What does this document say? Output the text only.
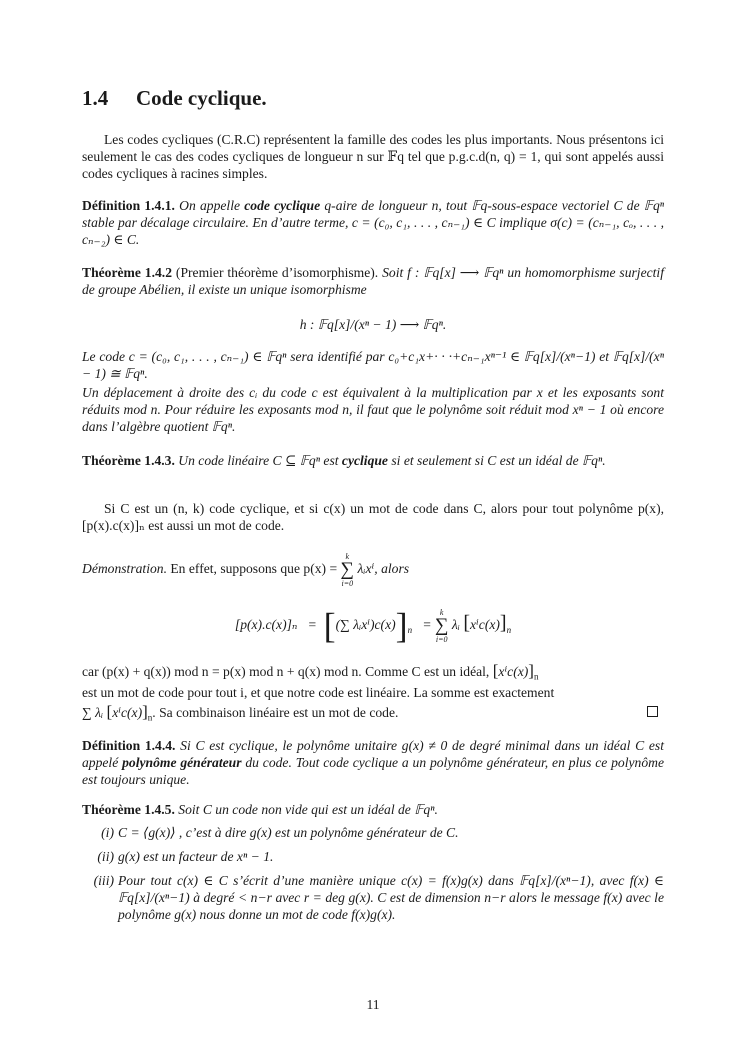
1.4 Code cyclique.
Les codes cycliques (C.R.C) représentent la famille des codes les plus importants. Nous présentons ici seulement le cas des codes cycliques de longueur n sur 𝔽q tel que p.g.c.d(n, q) = 1, qui sont appelés aussi codes cycliques à racines simples.
Définition 1.4.1. On appelle code cyclique q-aire de longueur n, tout 𝔽q-sous-espace vectoriel C de 𝔽qⁿ stable par décalage circulaire. En d’autre terme, c = (c₀, c₁, . . . , cₙ₋₁) ∈ C implique σ(c) = (cₙ₋₁, cₒ, . . . , cₙ₋₂) ∈ C.
Théorème 1.4.2 (Premier théorème d’isomorphisme). Soit f : 𝔽q[x] ⟶ 𝔽qⁿ un homomorphisme surjectif de groupe Abélien, il existe un unique isomorphisme
h : 𝔽q[x]/(xⁿ − 1) ⟶ 𝔽qⁿ.
Le code c = (c₀, c₁, . . . , cₙ₋₁) ∈ 𝔽qⁿ sera identifié par c₀+c₁x+· · ·+cₙ₋₁xⁿ⁻¹ ∈ 𝔽q[x]/(xⁿ−1) et 𝔽q[x]/(xⁿ − 1) ≅ 𝔽qⁿ.
Un déplacement à droite des cᵢ du code c est équivalent à la multiplication par x et les exposants sont réduits mod n. Pour réduire les exposants mod n, il faut que le polynôme soit réduit mod xⁿ − 1 où encore dans l’algèbre quotient 𝔽qⁿ.
Théorème 1.4.3. Un code linéaire C ⊆ 𝔽qⁿ est cyclique si et seulement si C est un idéal de 𝔽qⁿ.
Si C est un (n, k) code cyclique, et si c(x) un mot de code dans C, alors pour tout polynôme p(x), [p(x).c(x)]ₙ est aussi un mot de code.
Démonstration. En effet, supposons que p(x) =
k
∑
i=0
λᵢxⁱ, alors
[p(x).c(x)]ₙ   =  [(∑ $\lambda ᵢx^i)c(x)]_n$   =
k
∑
i=0
λᵢ $[x^ic(x)]_n$
car (p(x) + q(x)) mod n = p(x) mod n + q(x) mod n. Comme C est un idéal, $[x^ic(x)]_n$
est un mot de code pour tout i, et que notre code est linéaire. La somme est exactement
∑ λᵢ $[x^ic(x)]_n$. Sa combinaison linéaire est un mot de code.
Définition 1.4.4. Si C est cyclique, le polynôme unitaire g(x) ≠ 0 de degré minimal dans un idéal C est appelé polynôme générateur du code. Tout code cyclique a un polynôme générateur, en plus ce polynôme est toujours unique.
Théorème 1.4.5. Soit C un code non vide qui est un idéal de 𝔽qⁿ.
(i) C = ⟨g(x)⟩ , c’est à dire g(x) est un polynôme générateur de C.
(ii) g(x) est un facteur de xⁿ − 1.
(iii) Pour tout c(x) ∈ C s’écrit d’une manière unique c(x) = f(x)g(x) dans 𝔽q[x]/(xⁿ−1), avec f(x) ∈ 𝔽q[x]/(xⁿ−1) à degré < n−r avec r = deg g(x). C est de dimension n−r alors le message f(x) avec le polynôme g(x) nous donne un mot de code f(x)g(x).
11
